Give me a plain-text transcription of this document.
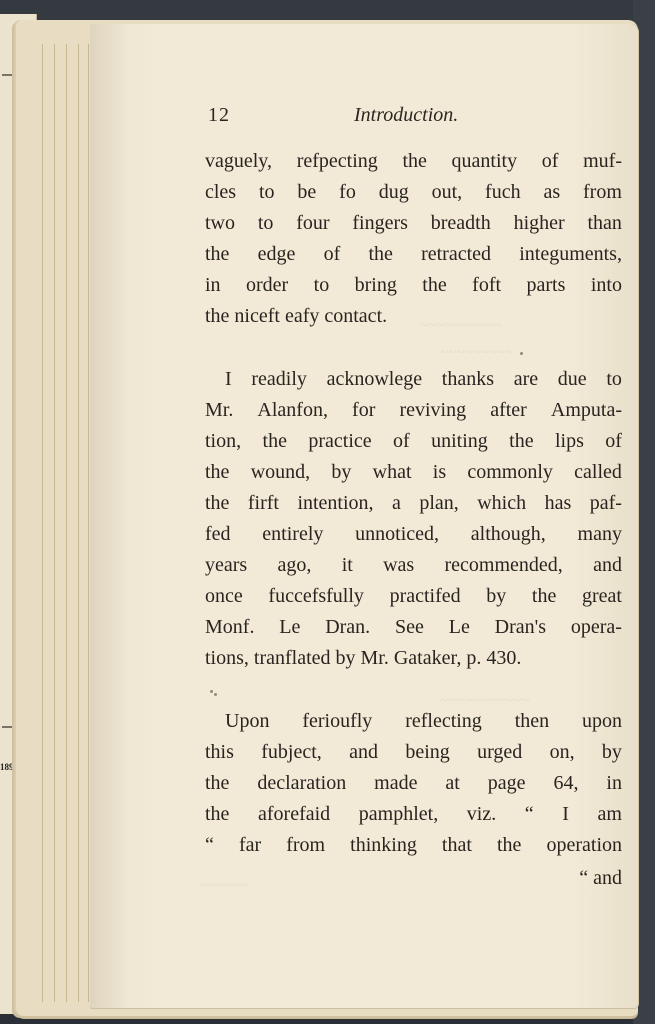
189(
~~~~~~~~~~
~~~~~~~~~
~~~~~~~~~~~
~~~~~~
12	Introduction.
vaguely, refpecting the quantity of muf-
cles to be fo dug out, fuch as from
two to four fingers breadth higher than
the edge of the retracted integuments,
in order to bring the foft parts into
the niceft eafy contact.
I readily acknowlege thanks are due to
Mr. Alanfon, for reviving after Amputa-
tion, the practice of uniting the lips of
the wound, by what is commonly called
the firft intention, a plan, which has paf-
fed entirely unnoticed, although, many
years ago, it was recommended, and
once fuccefsfully practifed by the great
Monf. Le Dran. See Le Dran's opera-
tions, tranflated by Mr. Gataker, p. 430.
Upon ferioufly reflecting then upon
this fubject, and being urged on, by
the declaration made at page 64, in
the aforefaid pamphlet, viz. “ I am
“ far from thinking that the operation
“ and
